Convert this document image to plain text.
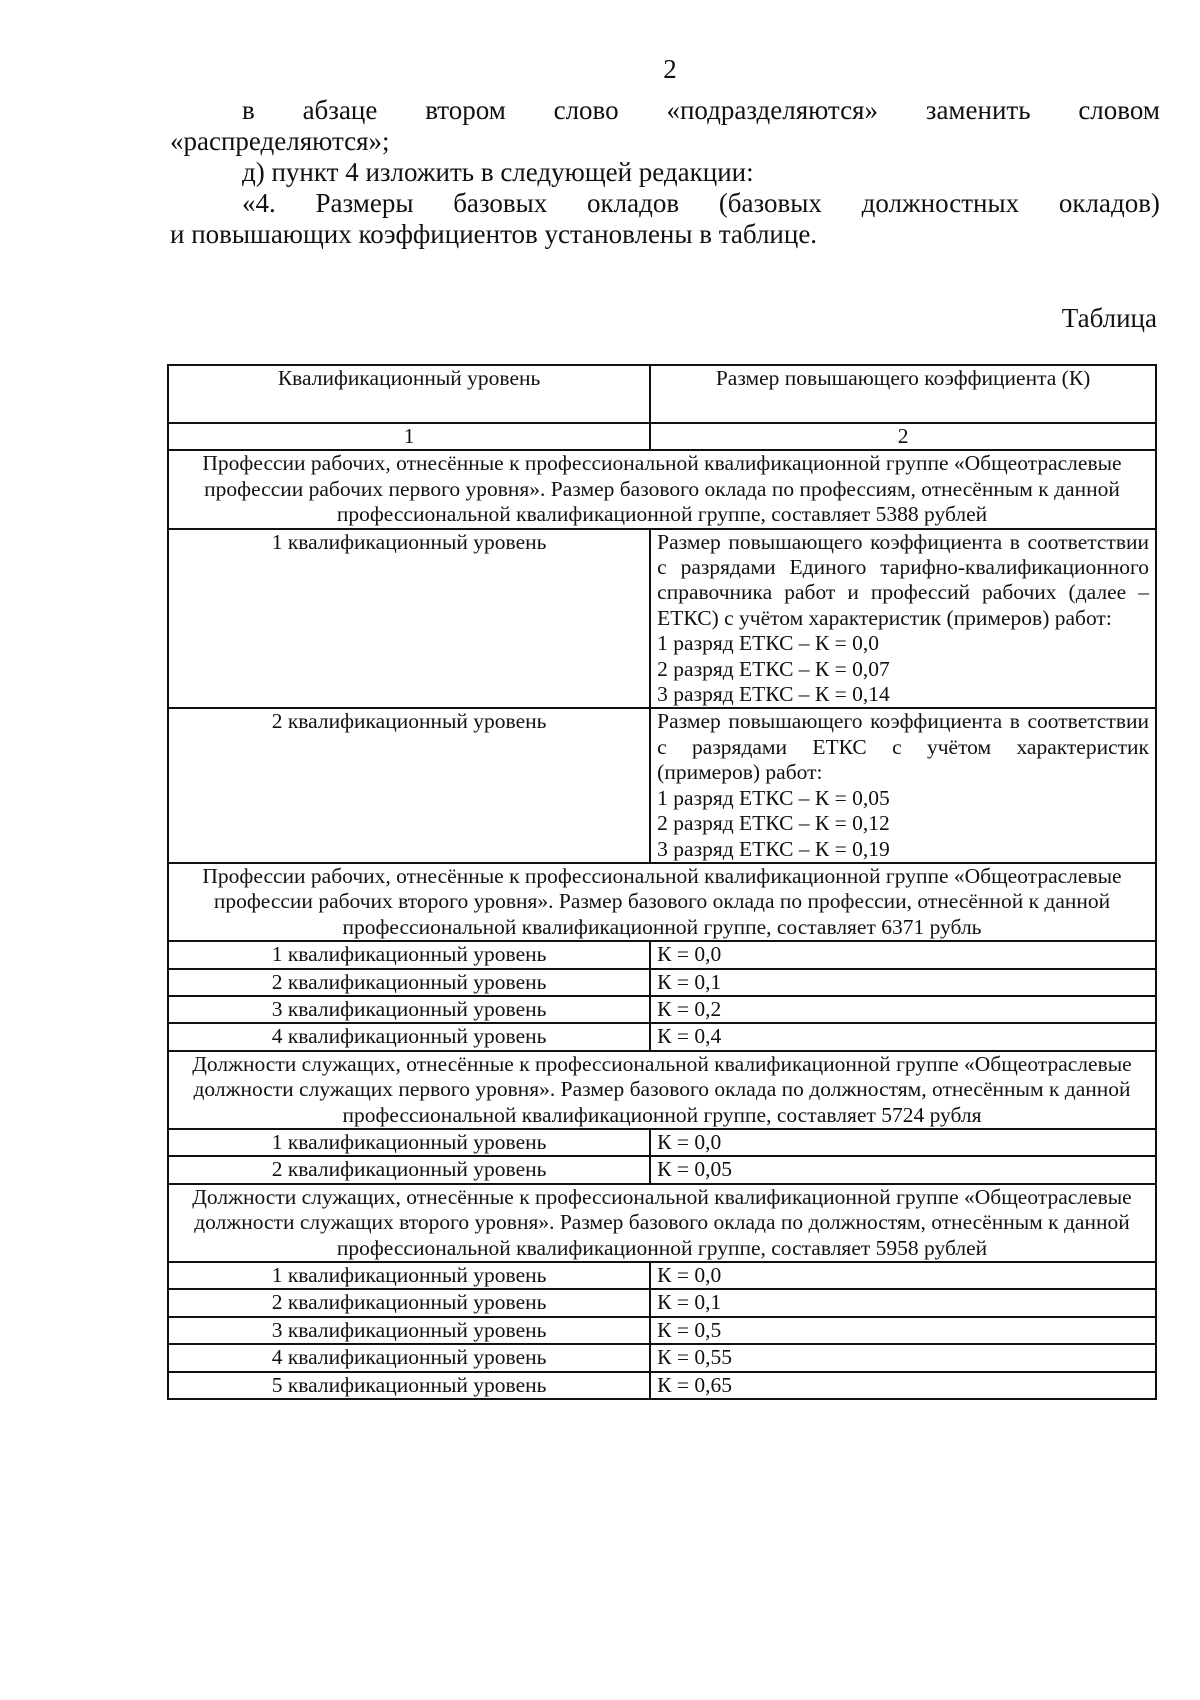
2
в абзаце втором слово «подразделяются» заменить словом

«распределяются»;

д) пункт 4 изложить в следующей редакции:

«4. Размеры базовых окладов (базовых должностных окладов)

и повышающих коэффициентов установлены в таблице.

Таблица
Квалификационный уровень	Размер повышающего коэффициента (К)
1	2
Профессии рабочих, отнесённые к профессиональной квалификационной группе «Общеотраслевые профессии рабочих первого уровня». Размер базового оклада по профессиям, отнесённым к данной профессиональной квалификационной группе, составляет 5388 рублей	
1 квалификационный уровень	Размер повышающего коэффициента в соответствии с разрядами Единого тарифно-квалификационного справочника работ и профессий рабочих (далее – ЕТКС) с учётом характеристик (примеров) работ:
1 разряд ЕТКС – К = 0,0
2 разряд ЕТКС – К = 0,07
3 разряд ЕТКС – К = 0,14

2 квалификационный уровень	Размер повышающего коэффициента в соответствии с разрядами ЕТКС с учётом характеристик (примеров) работ:
1 разряд ЕТКС – К = 0,05
2 разряд ЕТКС – К = 0,12
3 разряд ЕТКС – К = 0,19

Профессии рабочих, отнесённые к профессиональной квалификационной группе «Общеотраслевые профессии рабочих второго уровня». Размер базового оклада по профессии, отнесённой к данной профессиональной квалификационной группе, составляет 6371 рубль	
1 квалификационный уровень	К = 0,0
2 квалификационный уровень	К = 0,1
3 квалификационный уровень	К = 0,2
4 квалификационный уровень	К = 0,4
Должности служащих, отнесённые к профессиональной квалификационной группе «Общеотраслевые должности служащих первого уровня». Размер базового оклада по должностям, отнесённым к данной профессиональной квалификационной группе, составляет 5724 рубля	
1 квалификационный уровень	К = 0,0
2 квалификационный уровень	К = 0,05
Должности служащих, отнесённые к профессиональной квалификационной группе «Общеотраслевые должности служащих второго уровня». Размер базового оклада по должностям, отнесённым к данной профессиональной квалификационной группе, составляет 5958 рублей	
1 квалификационный уровень	К = 0,0
2 квалификационный уровень	К = 0,1
3 квалификационный уровень	К = 0,5
4 квалификационный уровень	К = 0,55
5 квалификационный уровень	К = 0,65
